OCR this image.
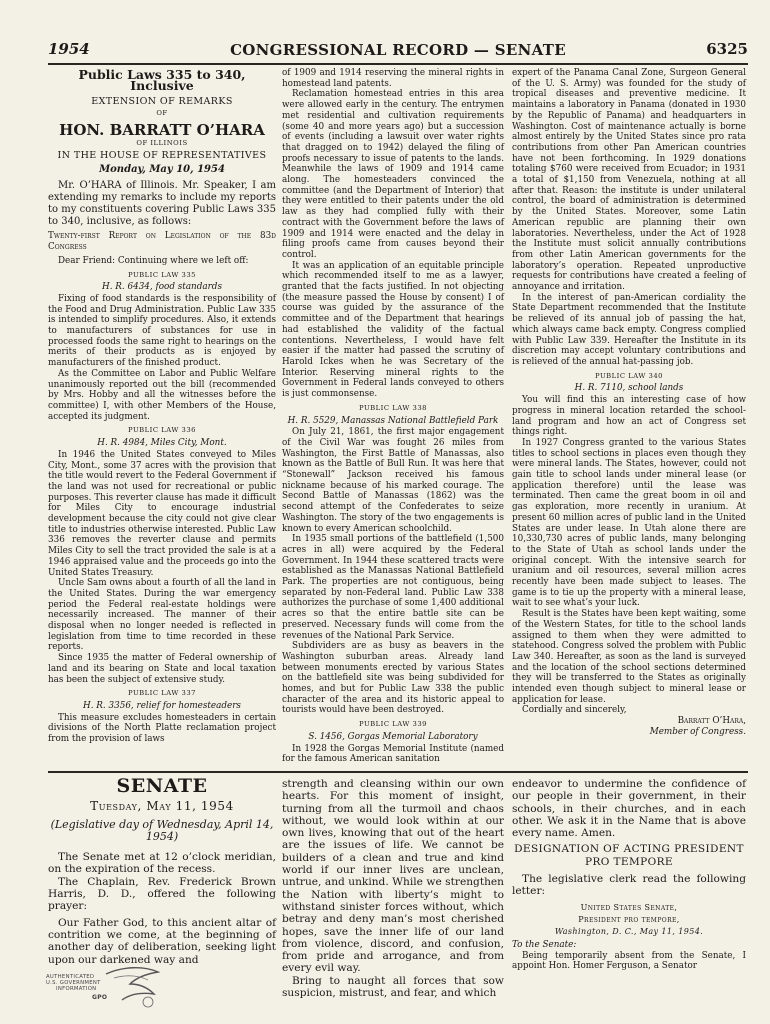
1954	CONGRESSIONAL RECORD — SENATE	6325
Public Laws 335 to 340, Inclusive
EXTENSION OF REMARKS
OF
HON. BARRATT O’HARA
OF ILLINOIS
IN THE HOUSE OF REPRESENTATIVES
Monday, May 10, 1954

Mr. O’HARA of Illinois. Mr. Speaker, I am extending my remarks to include my reports to my constituents covering Public Laws 335 to 340, inclusive, as follows:

Twenty-first Report on Legislation of the 83d Congress

Dear Friend: Continuing where we left off:

PUBLIC LAW 335

H. R. 6434, food standards

Fixing of food standards is the responsibility of the Food and Drug Administration. Public Law 335 is intended to simplify procedures. Also, it extends to manufacturers of substances for use in processed foods the same right to hearings on the merits of their products as is enjoyed by manufacturers of the finished product.

As the Committee on Labor and Public Welfare unanimously reported out the bill (recommended by Mrs. Hobby and all the witnesses before the committee) I, with other Members of the House, accepted its judgment.

PUBLIC LAW 336

H. R. 4984, Miles City, Mont.

In 1946 the United States conveyed to Miles City, Mont., some 37 acres with the provision that the title would revert to the Federal Government if the land was not used for recreational or public purposes. This reverter clause has made it difficult for Miles City to encourage industrial development because the city could not give clear title to industries otherwise interested. Public Law 336 removes the reverter clause and permits Miles City to sell the tract provided the sale is at a 1946 appraised value and the proceeds go into the United States Treasury.

Uncle Sam owns about a fourth of all the land in the United States. During the war emergency period the Federal real-estate holdings were necessarily increased. The manner of their disposal when no longer needed is reflected in legislation from time to time recorded in these reports.

Since 1935 the matter of Federal ownership of land and its bearing on State and local taxation has been the subject of extensive study.

PUBLIC LAW 337

H. R. 3356, relief for homesteaders

This measure excludes homesteaders in certain divisions of the North Platte reclamation project from the provision of laws

of 1909 and 1914 reserving the mineral rights in homestead land patents.

Reclamation homestead entries in this area were allowed early in the century. The entrymen met residential and cultivation requirements (some 40 and more years ago) but a succession of events (including a lawsuit over water rights that dragged on to 1942) delayed the filing of proofs necessary to issue of patents to the lands. Meanwhile the laws of 1909 and 1914 came along. The homesteaders convinced the committee (and the Department of Interior) that they were entitled to their patents under the old law as they had complied fully with their contract with the Government before the laws of 1909 and 1914 were enacted and the delay in filing proofs came from causes beyond their control.

It was an application of an equitable principle which recommended itself to me as a lawyer, granted that the facts justified. In not objecting (the measure passed the House by consent) I of course was guided by the assurance of the committee and of the Department that hearings had established the validity of the factual contentions. Nevertheless, I would have felt easier if the matter had passed the scrutiny of Harold Ickes when he was Secretary of the Interior. Reserving mineral rights to the Government in Federal lands conveyed to others is just commonsense.

PUBLIC LAW 338

H. R. 5529, Manassas National Battlefield Park

On July 21, 1861, the first major engagement of the Civil War was fought 26 miles from Washington, the First Battle of Manassas, also known as the Battle of Bull Run. It was here that “Stonewall” Jackson received his famous nickname because of his marked courage. The Second Battle of Manassas (1862) was the second attempt of the Confederates to seize Washington. The story of the two engagements is known to every American schoolchild.

In 1935 small portions of the battlefield (1,500 acres in all) were acquired by the Federal Government. In 1944 these scattered tracts were established as the Manassas National Battlefield Park. The properties are not contiguous, being separated by non-Federal land. Public Law 338 authorizes the purchase of some 1,400 additional acres so that the entire battle site can be preserved. Necessary funds will come from the revenues of the National Park Service.

Subdividers are as busy as beavers in the Washington suburban areas. Already land between monuments erected by various States on the battlefield site was being subdivided for homes, and but for Public Law 338 the public character of the area and its historic appeal to tourists would have been destroyed.

PUBLIC LAW 339

S. 1456, Gorgas Memorial Laboratory

In 1928 the Gorgas Memorial Institute (named for the famous American sanitation

expert of the Panama Canal Zone, Surgeon General of the U. S. Army) was founded for the study of tropical diseases and preventive medicine. It maintains a laboratory in Panama (donated in 1930 by the Republic of Panama) and headquarters in Washington. Cost of maintenance actually is borne almost entirely by the United States since pro rata contributions from other Pan American countries have not been forthcoming. In 1929 donations totaling $760 were received from Ecuador; in 1931 a total of $1,150 from Venezuela, nothing at all after that. Reason: the institute is under unilateral control, the board of administration is determined by the United States. Moreover, some Latin American republic are planning their own laboratories. Nevertheless, under the Act of 1928 the Institute must solicit annually contributions from other Latin American governments for the laboratory’s operation. Repeated unproductive requests for contributions have created a feeling of annoyance and irritation.

In the interest of pan-American cordiality the State Department recommended that the Institute be relieved of its annual job of passing the hat, which always came back empty. Congress complied with Public Law 339. Hereafter the Institute in its discretion may accept voluntary contributions and is relieved of the annual hat-passing job.

PUBLIC LAW 340

H. R. 7110, school lands

You will find this an interesting case of how progress in mineral location retarded the school-land program and how an act of Congress set things right.

In 1927 Congress granted to the various States titles to school sections in places even though they were mineral lands. The States, however, could not gain title to school lands under mineral lease (or application therefore) until the lease was terminated. Then came the great boom in oil and gas exploration, more recently in uranium. At present 60 million acres of public land in the United States are under lease. In Utah alone there are 10,330,730 acres of public lands, many belonging to the State of Utah as school lands under the original concept. With the intensive search for uranium and oil resources, several million acres recently have been made subject to leases. The game is to tie up the property with a mineral lease, wait to see what’s your luck.

Result is the States have been kept waiting, some of the Western States, for title to the school lands assigned to them when they were admitted to statehood. Congress solved the problem with Public Law 340. Hereafter, as soon as the land is surveyed and the location of the school sections determined they will be transferred to the States as originally intended even though subject to mineral lease or application for lease.

Cordially and sincerely,

Barratt O’Hara,

Member of Congress.

SENATE
Tuesday, May 11, 1954
(Legislative day of Wednesday, April 14, 1954)

The Senate met at 12 o’clock meridian, on the expiration of the recess.

The Chaplain, Rev. Frederick Brown Harris, D. D., offered the following prayer:

Our Father God, to this ancient altar of contrition we come, at the beginning of another day of deliberation, seeking light upon our darkened way and

strength and cleansing within our own hearts. For this moment of insight, turning from all the turmoil and chaos without, we would look within at our own lives, knowing that out of the heart are the issues of life. We cannot be builders of a clean and true and kind world if our inner lives are unclean, untrue, and unkind. While we strengthen the Nation with liberty’s might to withstand sinister forces without, which betray and deny man’s most cherished hopes, save the inner life of our land from violence, discord, and confusion, from pride and arrogance, and from every evil way.

Bring to naught all forces that sow suspicion, mistrust, and fear, and which

endeavor to undermine the confidence of our people in their government, in their schools, in their churches, and in each other. We ask it in the Name that is above every name. Amen.

DESIGNATION OF ACTING PRESIDENT PRO TEMPORE

The legislative clerk read the following letter:

United States Senate,

President pro tempore,

Washington, D. C., May 11, 1954.

To the Senate:

Being temporarily absent from the Senate, I appoint Hon. Homer Ferguson, a Senator

AUTHENTICATED
U.S. GOVERNMENT
INFORMATION
GPO
